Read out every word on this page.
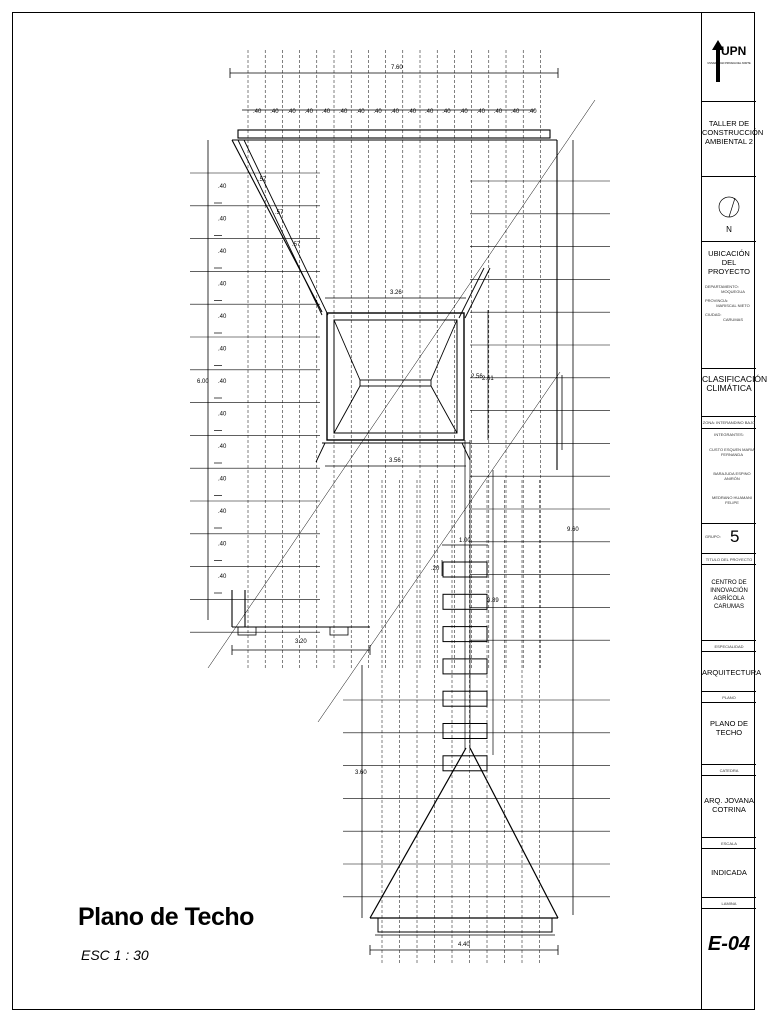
7.60
.40 .40 .40 .40 .40 .40 .40 .40 .40 .40 .40 .40 .40 .40 .40 .40 .40
.40
.40
.40
.40
.40
.40
.40
.40
.40
.40
.40
.40
.40
3.26
3.56
2.56 2.61
6.00
.57
.57
.57
3.20
9.60
1.00
.20
3.89
4.40
3.60
Plano de Techo
ESC 1 : 30
UPN
UNIVERSIDAD PRIVADA DEL NORTE
TALLER DE CONSTRUCCIÓN AMBIENTAL 2
N
UBICACIÓN DEL PROYECTO
DEPARTAMENTO:
MOQUEGUA
PROVINCIA:
MARISCAL NIETO
CIUDAD:
CARUMAS
CLASIFICACIÓN CLIMÁTICA
ZONA: INTERANDINO BAJO
INTEGRANTES:
CUSTO ESQUEN MARIA FERNANDA
BARAJUDA ESPINO ANIRÓN
MEDRANO HUAMANI FELIPE
GRUPO: 5
TITULO DEL PROYECTO
CENTRO DE INNOVACIÓN AGRÍCOLA CARUMAS
ESPECIALIDAD
ARQUITECTURA
PLANO
PLANO DE TECHO
CATEDRA
ARQ. JOVANA COTRINA
ESCALA
INDICADA
LAMINA
E-04
